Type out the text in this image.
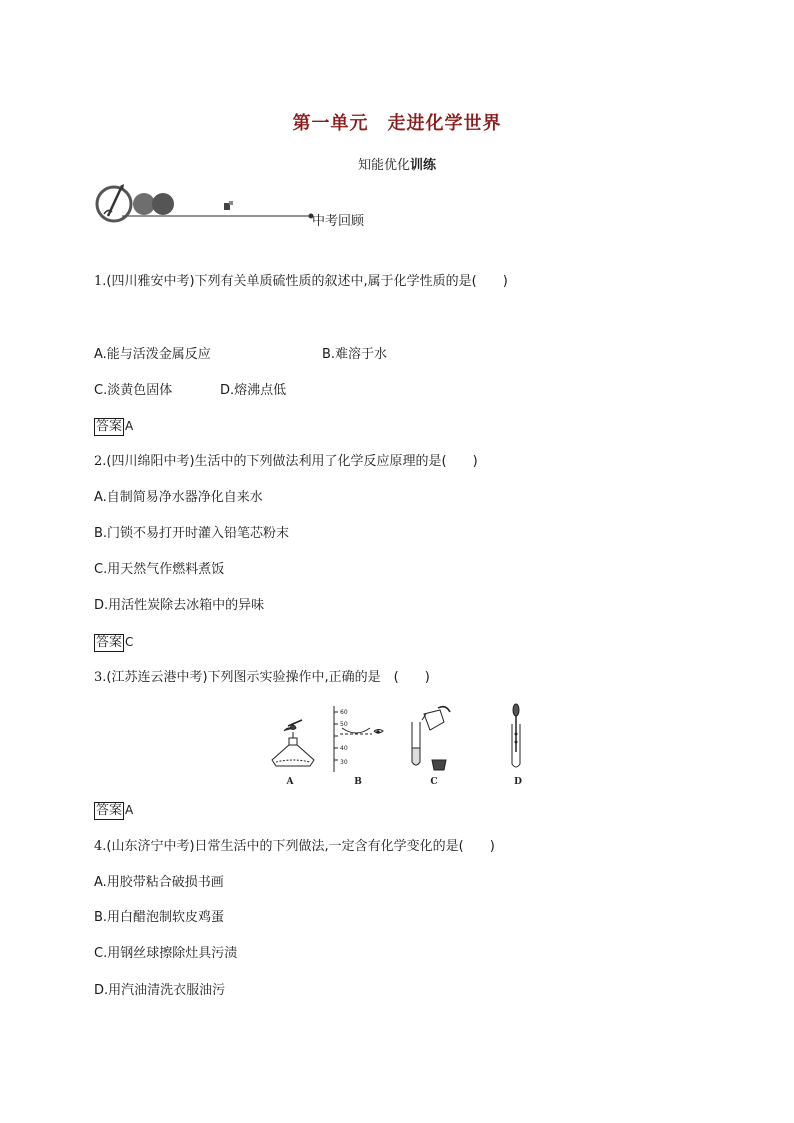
第一单元　走进化学世界
知能优化训练
中考回顾
1.(四川雅安中考)下列有关单质硫性质的叙述中,属于化学性质的是(　　)
A.能与活泼金属反应	B.难溶于水
C.淡黄色固体	D.熔沸点低
答案 A
2.(四川绵阳中考)生活中的下列做法利用了化学反应原理的是(　　)
A.自制简易净水器净化自来水
B.门锁不易打开时灌入铅笔芯粉末
C.用天然气作燃料煮饭
D.用活性炭除去冰箱中的异味
答案 C
3.(江苏连云港中考)下列图示实验操作中,正确的是　(　　)
A
60
50
40
30
B	C	D
答案 A
4.(山东济宁中考)日常生活中的下列做法,一定含有化学变化的是(　　)
A.用胶带粘合破损书画
B.用白醋泡制软皮鸡蛋
C.用钢丝球擦除灶具污渍
D.用汽油清洗衣服油污
